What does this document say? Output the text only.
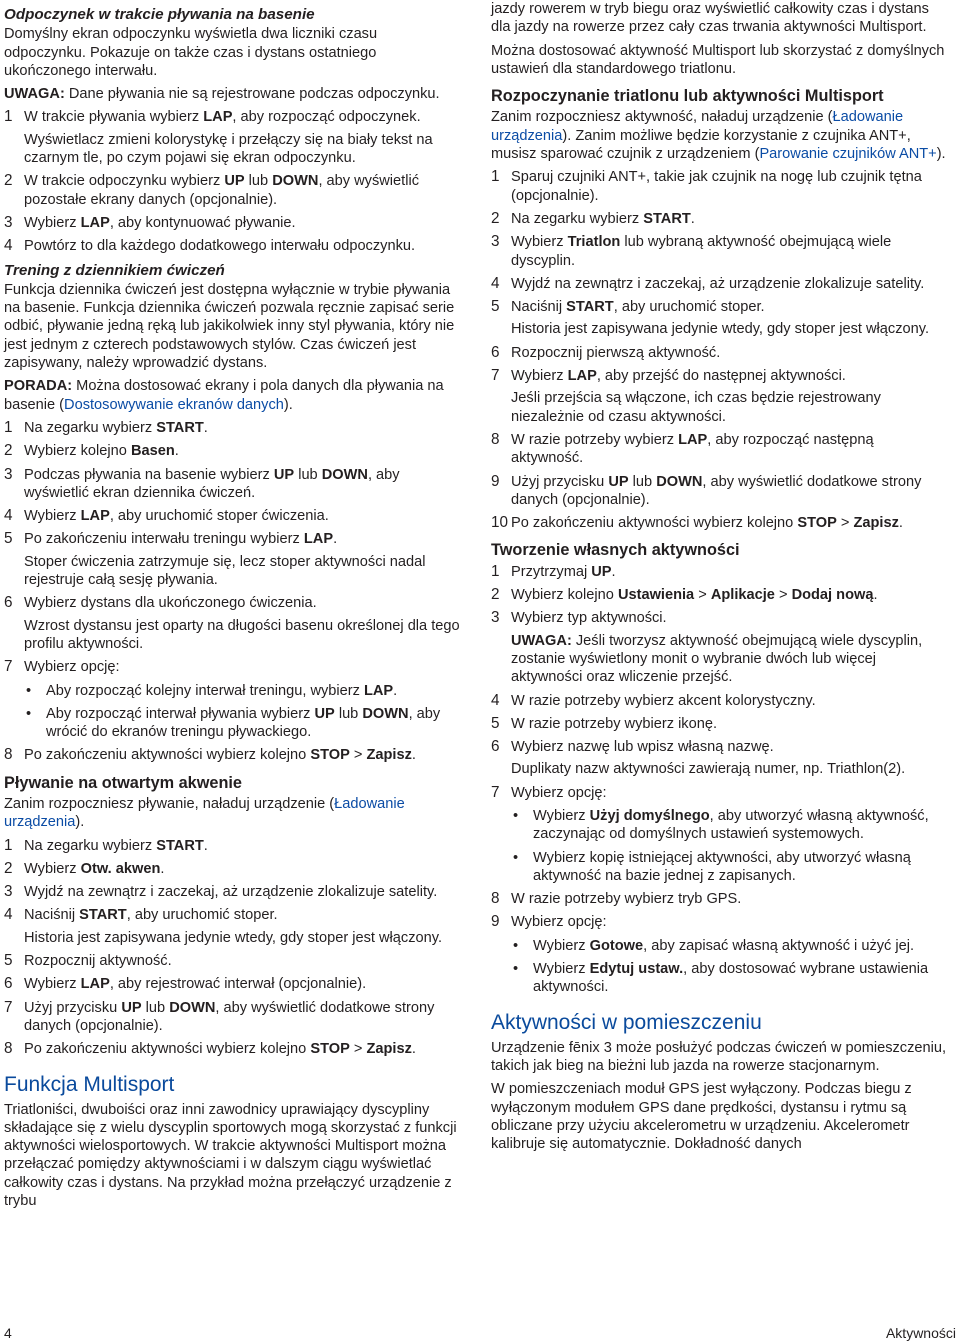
Odpoczynek w trakcie pływania na basenie

Domyślny ekran odpoczynku wyświetla dwa liczniki czasu odpoczynku. Pokazuje on także czas i dystans ostatniego ukończonego interwału.

UWAGA: Dane pływania nie są rejestrowane podczas odpoczynku.

1 W trakcie pływania wybierz LAP, aby rozpocząć odpoczynek.
Wyświetlacz zmieni kolorystykę i przełączy się na biały tekst na czarnym tle, po czym pojawi się ekran odpoczynku.
2 W trakcie odpoczynku wybierz UP lub DOWN, aby wyświetlić pozostałe ekrany danych (opcjonalnie).
3 Wybierz LAP, aby kontynuować pływanie.
4 Powtórz to dla każdego dodatkowego interwału odpoczynku.
Trening z dziennikiem ćwiczeń

Funkcja dziennika ćwiczeń jest dostępna wyłącznie w trybie pływania na basenie. Funkcja dziennika ćwiczeń pozwala ręcznie zapisać serie odbić, pływanie jedną ręką lub jakikolwiek inny styl pływania, który nie jest jednym z czterech podstawowych stylów. Czas ćwiczeń jest zapisywany, należy wprowadzić dystans.

PORADA: Można dostosować ekrany i pola danych dla pływania na basenie (Dostosowywanie ekranów danych).

1 Na zegarku wybierz START.
2 Wybierz kolejno Basen.
3 Podczas pływania na basenie wybierz UP lub DOWN, aby wyświetlić ekran dziennika ćwiczeń.
4 Wybierz LAP, aby uruchomić stoper ćwiczenia.
5 Po zakończeniu interwału treningu wybierz LAP.
Stoper ćwiczenia zatrzymuje się, lecz stoper aktywności nadal rejestruje całą sesję pływania.
6 Wybierz dystans dla ukończonego ćwiczenia.
Wzrost dystansu jest oparty na długości basenu określonej dla tego profilu aktywności.
7 Wybierz opcję:
• Aby rozpocząć kolejny interwał treningu, wybierz LAP.
• Aby rozpocząć interwał pływania wybierz UP lub DOWN, aby wrócić do ekranów treningu pływackiego.
8 Po zakończeniu aktywności wybierz kolejno STOP > Zapisz.
Pływanie na otwartym akwenie

Zanim rozpoczniesz pływanie, naładuj urządzenie (Ładowanie urządzenia).

1 Na zegarku wybierz START.
2 Wybierz Otw. akwen.
3 Wyjdź na zewnątrz i zaczekaj, aż urządzenie zlokalizuje satelity.
4 Naciśnij START, aby uruchomić stoper.
Historia jest zapisywana jedynie wtedy, gdy stoper jest włączony.
5 Rozpocznij aktywność.
6 Wybierz LAP, aby rejestrować interwał (opcjonalnie).
7 Użyj przycisku UP lub DOWN, aby wyświetlić dodatkowe strony danych (opcjonalnie).
8 Po zakończeniu aktywności wybierz kolejno STOP > Zapisz.
Funkcja Multisport

Triatloniści, dwuboiści oraz inni zawodnicy uprawiający dyscypliny składające się z wielu dyscyplin sportowych mogą skorzystać z funkcji aktywności wielosportowych. W trakcie aktywności Multisport można przełączać pomiędzy aktywnościami i w dalszym ciągu wyświetlać całkowity czas i dystans. Na przykład można przełączyć urządzenie z trybu

jazdy rowerem w tryb biegu oraz wyświetlić całkowity czas i dystans dla jazdy na rowerze przez cały czas trwania aktywności Multisport.

Można dostosować aktywność Multisport lub skorzystać z domyślnych ustawień dla standardowego triatlonu.

Rozpoczynanie triatlonu lub aktywności Multisport

Zanim rozpoczniesz aktywność, naładuj urządzenie (Ładowanie urządzenia). Zanim możliwe będzie korzystanie z czujnika ANT+, musisz sparować czujnik z urządzeniem (Parowanie czujników ANT+).

1 Sparuj czujniki ANT+, takie jak czujnik na nogę lub czujnik tętna (opcjonalnie).
2 Na zegarku wybierz START.
3 Wybierz Triatlon lub wybraną aktywność obejmującą wiele dyscyplin.
4 Wyjdź na zewnątrz i zaczekaj, aż urządzenie zlokalizuje satelity.
5 Naciśnij START, aby uruchomić stoper.
Historia jest zapisywana jedynie wtedy, gdy stoper jest włączony.
6 Rozpocznij pierwszą aktywność.
7 Wybierz LAP, aby przejść do następnej aktywności.
Jeśli przejścia są włączone, ich czas będzie rejestrowany niezależnie od czasu aktywności.
8 W razie potrzeby wybierz LAP, aby rozpocząć następną aktywność.
9 Użyj przycisku UP lub DOWN, aby wyświetlić dodatkowe strony danych (opcjonalnie).
10 Po zakończeniu aktywności wybierz kolejno STOP > Zapisz.
Tworzenie własnych aktywności
1 Przytrzymaj UP.
2 Wybierz kolejno Ustawienia > Aplikacje > Dodaj nową.
3 Wybierz typ aktywności.
UWAGA: Jeśli tworzysz aktywność obejmującą wiele dyscyplin, zostanie wyświetlony monit o wybranie dwóch lub więcej aktywności oraz wliczenie przejść.
4 W razie potrzeby wybierz akcent kolorystyczny.
5 W razie potrzeby wybierz ikonę.
6 Wybierz nazwę lub wpisz własną nazwę.
Duplikaty nazw aktywności zawierają numer, np. Triathlon(2).
7 Wybierz opcję:
• Wybierz Użyj domyślnego, aby utworzyć własną aktywność, zaczynając od domyślnych ustawień systemowych.
• Wybierz kopię istniejącej aktywności, aby utworzyć własną aktywność na bazie jednej z zapisanych.
8 W razie potrzeby wybierz tryb GPS.
9 Wybierz opcję:
• Wybierz Gotowe, aby zapisać własną aktywność i użyć jej.
• Wybierz Edytuj ustaw., aby dostosować wybrane ustawienia aktywności.
Aktywności w pomieszczeniu

Urządzenie fēnix 3 może posłużyć podczas ćwiczeń w pomieszczeniu, takich jak bieg na bieżni lub jazda na rowerze stacjonarnym.

W pomieszczeniach moduł GPS jest wyłączony. Podczas biegu z wyłączonym modułem GPS dane prędkości, dystansu i rytmu są obliczane przy użyciu akcelerometru w urządzeniu. Akcelerometr kalibruje się automatycznie. Dokładność danych

4	Aktywności
